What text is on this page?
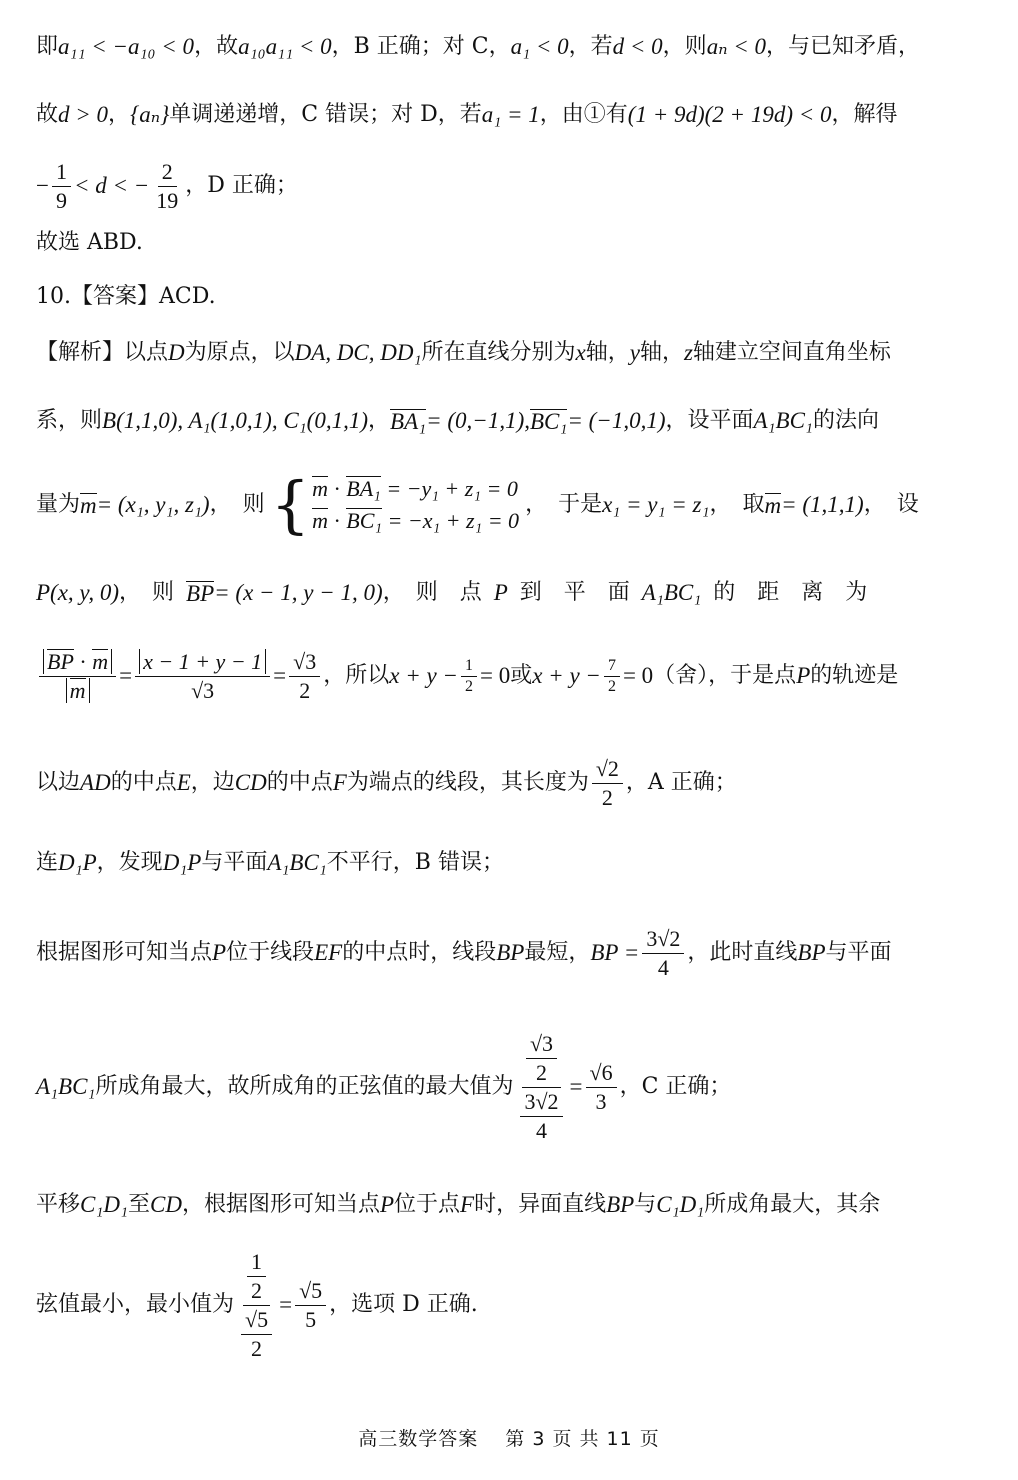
即 a₁₁ < −a₁₀ < 0 ，故 a₁₀a₁₁ < 0 ，B 正确；对 C， a₁ < 0 ，若 d < 0 ，则 aₙ < 0 ，与已知矛盾，
故 d > 0 ， {aₙ} 单调递递增，C 错误；对 D，若 a₁ = 1 ，由①有 (1 + 9d)(2 + 19d) < 0 ，解得
− $\frac{1}{9} < d$ < − $\frac{2}{19}$ ，D 正确；
故选 ABD.
10.【答案】ACD.
【解析】以点 D 为原点，以 DA, DC, DD₁ 所在直线分别为 x 轴， y 轴， z 轴建立空间直角坐标
系，则 B(1,1,0), A₁(1,0,1), C₁(0,1,1) ， BA₁ = (0,−1,1), BC₁ = (−1,0,1) ，设平面 A₁BC₁ 的法向
量为 m = (x₁, y₁, z₁) ，　则 { m · BA₁ = −y₁ + z₁ = 0
m · BC₁ = −x₁ + z₁ = 0
，　于是 x₁ = y₁ = z₁ ，　取 m = (1,1,1) ，　设
P(x, y, 0) ，　则 BP = (x − 1, y − 1, 0) ，　则　点 P 到　平　面 A₁BC₁ 的　距　离　为
$\frac{BP \cdot m}{m} = \frac{x - 1 + y - 1}{√3} = \frac{√3}{2}$ ，所以 $x + y - \frac{1}{2} = 0$ 或 $x + y - \frac{7}{2} = 0$ （舍），于是点 P 的轨迹是
以边 AD 的中点 E ，边 CD 的中点 F 为端点的线段，其长度为 $\frac{√2}{2}$ ，A 正确；
连 D₁P ，发现 D₁P 与平面 A₁BC₁ 不平行，B 错误；
根据图形可知当点 P 位于线段 EF 的中点时，线段 BP 最短， BP = $\frac{3√2}{4}$ ，此时直线 BP 与平面
A₁BC₁ 所成角最大，故所成角的正弦值的最大值为 $\frac{\frac{√3}{2}}{\frac{3√2}{4}} = \frac{√6}{3}$ ，C 正确；
平移 C₁D₁ 至 CD ，根据图形可知当点 P 位于点 F 时，异面直线 BP 与 C₁D₁ 所成角最大，其余
弦值最小，最小值为 $\frac{\frac{1}{2}}{\frac{√5}{2}} = \frac{√5}{5}$ ，选项 D 正确.
高三数学答案　 第 3 页 共 11 页
